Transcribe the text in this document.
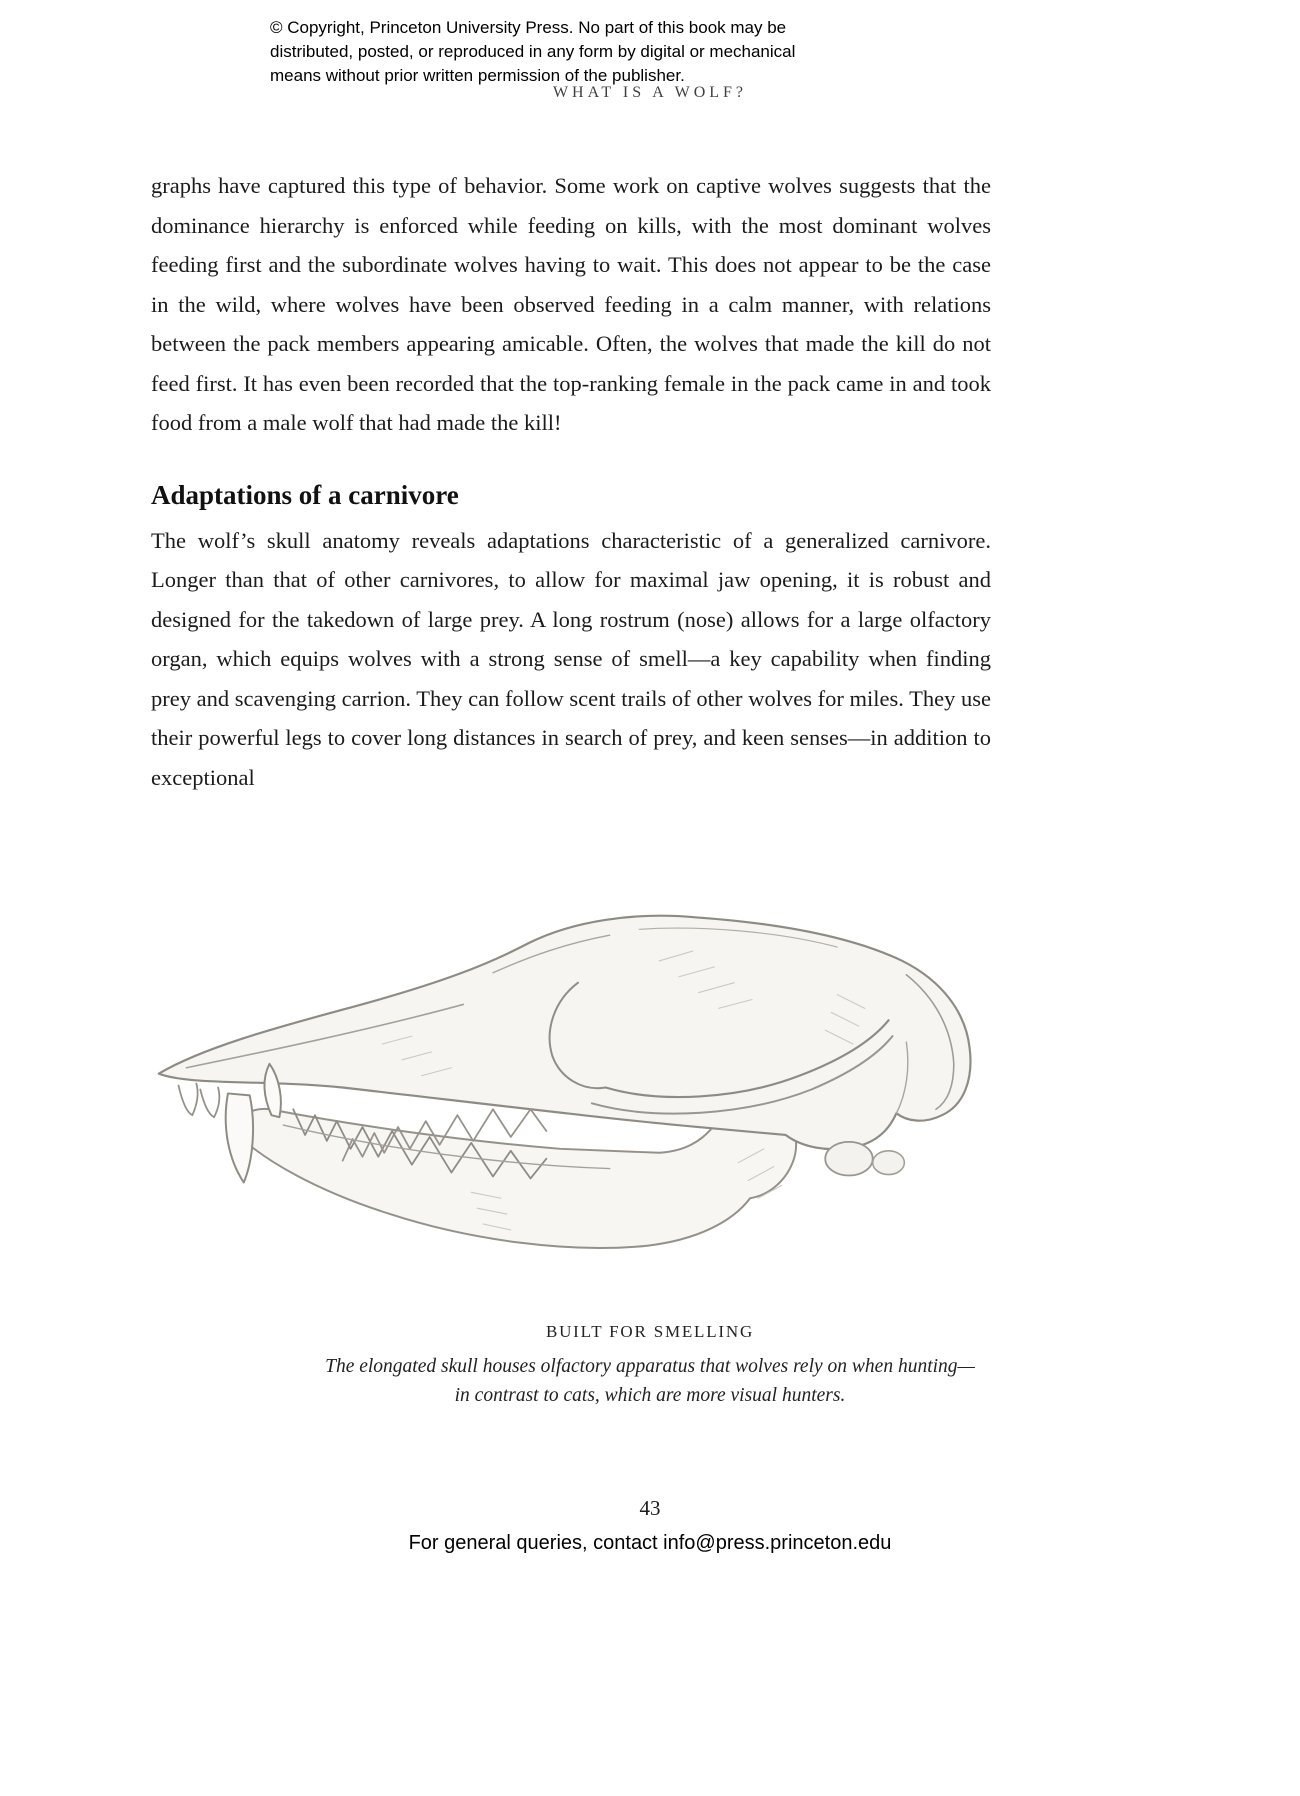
© Copyright, Princeton University Press. No part of this book may be
distributed, posted, or reproduced in any form by digital or mechanical
means without prior written permission of the publisher.
WHAT IS A WOLF?

graphs have captured this type of behavior. Some work on captive wolves suggests that the dominance hierarchy is enforced while feeding on kills, with the most dominant wolves feeding first and the subordinate wolves having to wait. This does not appear to be the case in the wild, where wolves have been observed feeding in a calm manner, with relations between the pack members appearing amicable. Often, the wolves that made the kill do not feed first. It has even been recorded that the top-ranking female in the pack came in and took food from a male wolf that had made the kill!

Adaptations of a carnivore

The wolf’s skull anatomy reveals adaptations characteristic of a generalized carnivore. Longer than that of other carnivores, to allow for maximal jaw opening, it is robust and designed for the takedown of large prey. A long rostrum (nose) allows for a large olfactory organ, which equips wolves with a strong sense of smell—a key capability when finding prey and scavenging carrion. They can follow scent trails of other wolves for miles. They use their powerful legs to cover long distances in search of prey, and keen senses—in addition to exceptional

BUILT FOR SMELLING
The elongated skull houses olfactory apparatus that wolves rely on when hunting—
in contrast to cats, which are more visual hunters.
43
For general queries, contact info@press.princeton.edu
